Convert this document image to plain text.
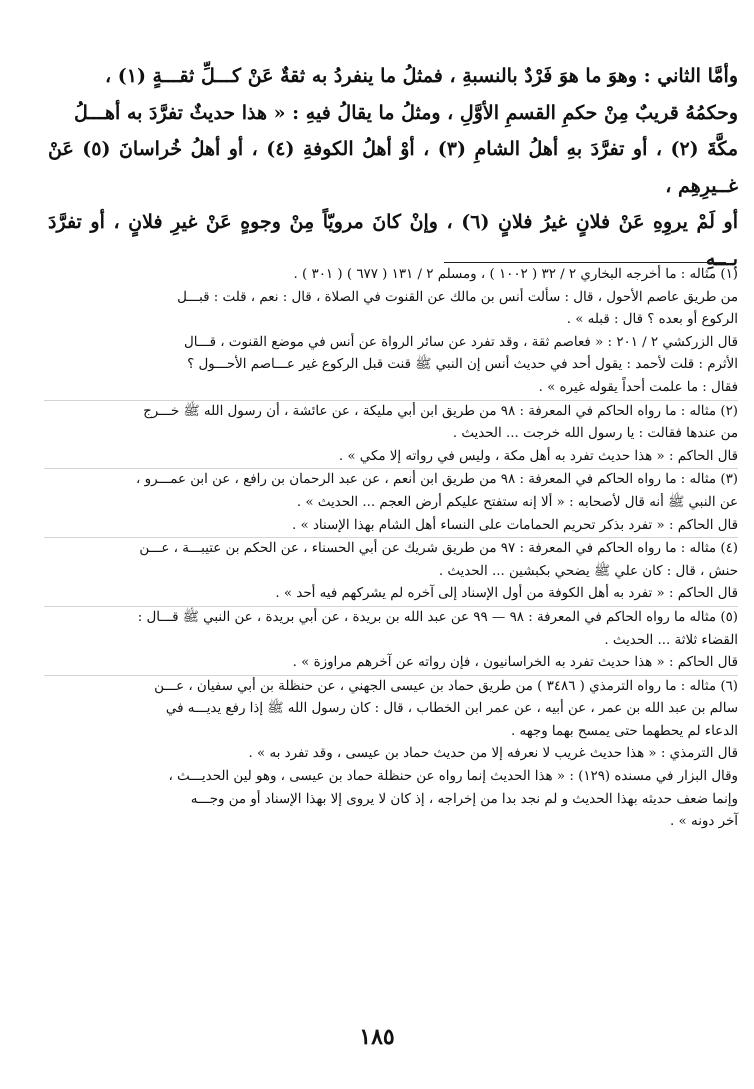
وأمَّا الثاني : وهوَ ما هوَ فَرْدٌ بالنسبةِ ، فمثلُ ما ينفردُ به ثقةٌ عَنْ كـــلِّ ثقـــةٍ (١) ،

وحكمُهُ قريبٌ مِنْ حكمِ القسمِ الأوَّلِ ، ومثلُ ما يقالُ فيهِ : « هذا حديثٌ تفرَّدَ به أهـــلُ

مكَّةَ (٢) ، أو تفرَّدَ بهِ أهلُ الشامِ (٣) ، أوْ أهلُ الكوفةِ (٤) ، أو أهلُ خُراسانَ (٥) عَنْ غــيرِهِم ،

أو لَمْ يروِهِ عَنْ فلانٍ غيرُ فلانٍ (٦) ، وإنْ كانَ مرويّاً مِنْ وجوهٍ عَنْ غيرِ فلانٍ ، أو تفرَّدَ بـــهِ

(١) مثاله : ما أخرجه البخاري ٢ / ٣٢ ( ١٠٠٢ ) ، ومسلم ٢ / ١٣١ ( ٦٧٧ ) ( ٣٠١ ) .

من طريق عاصم الأحول ، قال : سألت أنس بن مالك عن القنوت في الصلاة ، قال : نعم ، قلت : قبـــل

الركوع أو بعده ؟ قال : قبله » .

قال الزركشي ٢ / ٢٠١ : « فعاصم ثقة ، وقد تفرد عن سائر الرواة عن أنس في موضع القنوت ، قـــال

الأثرم : قلت لأحمد : يقول أحد في حديث أنس إن النبي ﷺ قنت قبل الركوع غير عـــاصم الأحـــول ؟

فقال : ما علمت أحداً يقوله غيره » .

(٢) مثاله : ما رواه الحاكم في المعرفة : ٩٨ من طريق ابن أبي مليكة ، عن عائشة ، أن رسول الله ﷺ خـــرج

من عندها فقالت : يا رسول الله خرجت ... الحديث .

قال الحاكم : « هذا حديث تفرد به أهل مكة ، وليس في رواته إلا مكي » .

(٣) مثاله : ما رواه الحاكم في المعرفة : ٩٨ من طريق ابن أنعم ، عن عبد الرحمان بن رافع ، عن ابن عمـــرو ،

عن النبي ﷺ أنه قال لأصحابه : « ألا إنه ستفتح عليكم أرض العجم ... الحديث » .

قال الحاكم : « تفرد بذكر تحريم الحمامات على النساء أهل الشام بهذا الإسناد » .

(٤) مثاله : ما رواه الحاكم في المعرفة : ٩٧ من طريق شريك عن أبي الحسناء ، عن الحكم بن عتيبـــة ، عـــن

حنش ، قال : كان علي ﷺ يضحي بكبشين ... الحديث .

قال الحاكم : « تفرد به أهل الكوفة من أول الإسناد إلى آخره لم يشركهم فيه أحد » .

(٥) مثاله ما رواه الحاكم في المعرفة : ٩٨ — ٩٩ عن عبد الله بن بريدة ، عن أبي بريدة ، عن النبي ﷺ قـــال :

القضاء ثلاثة ... الحديث .

قال الحاكم : « هذا حديث تفرد به الخراسانيون ، فإن رواته عن آخرهم مراوزة » .

(٦) مثاله : ما رواه الترمذي ( ٣٤٨٦ ) من طريق حماد بن عيسى الجهني ، عن حنظلة بن أبي سفيان ، عـــن

سالم بن عبد الله بن عمر ، عن أبيه ، عن عمر ابن الخطاب ، قال : كان رسول الله ﷺ إذا رفع يديـــه في

الدعاء لم يحطهما حتى يمسح بهما وجهه .

قال الترمذي : « هذا حديث غريب لا نعرفه إلا من حديث حماد بن عيسى ، وقد تفرد به » .

وقال البزار في مسنده (١٢٩) : « هذا الحديث إنما رواه عن حنظلة حماد بن عيسى ، وهو لين الحديـــث ،

وإنما ضعف حديثه بهذا الحديث و لم نجد بدا من إخراجه ، إذ كان لا يروى إلا بهذا الإسناد أو من وجـــه

آخر دونه » .

١٨٥
